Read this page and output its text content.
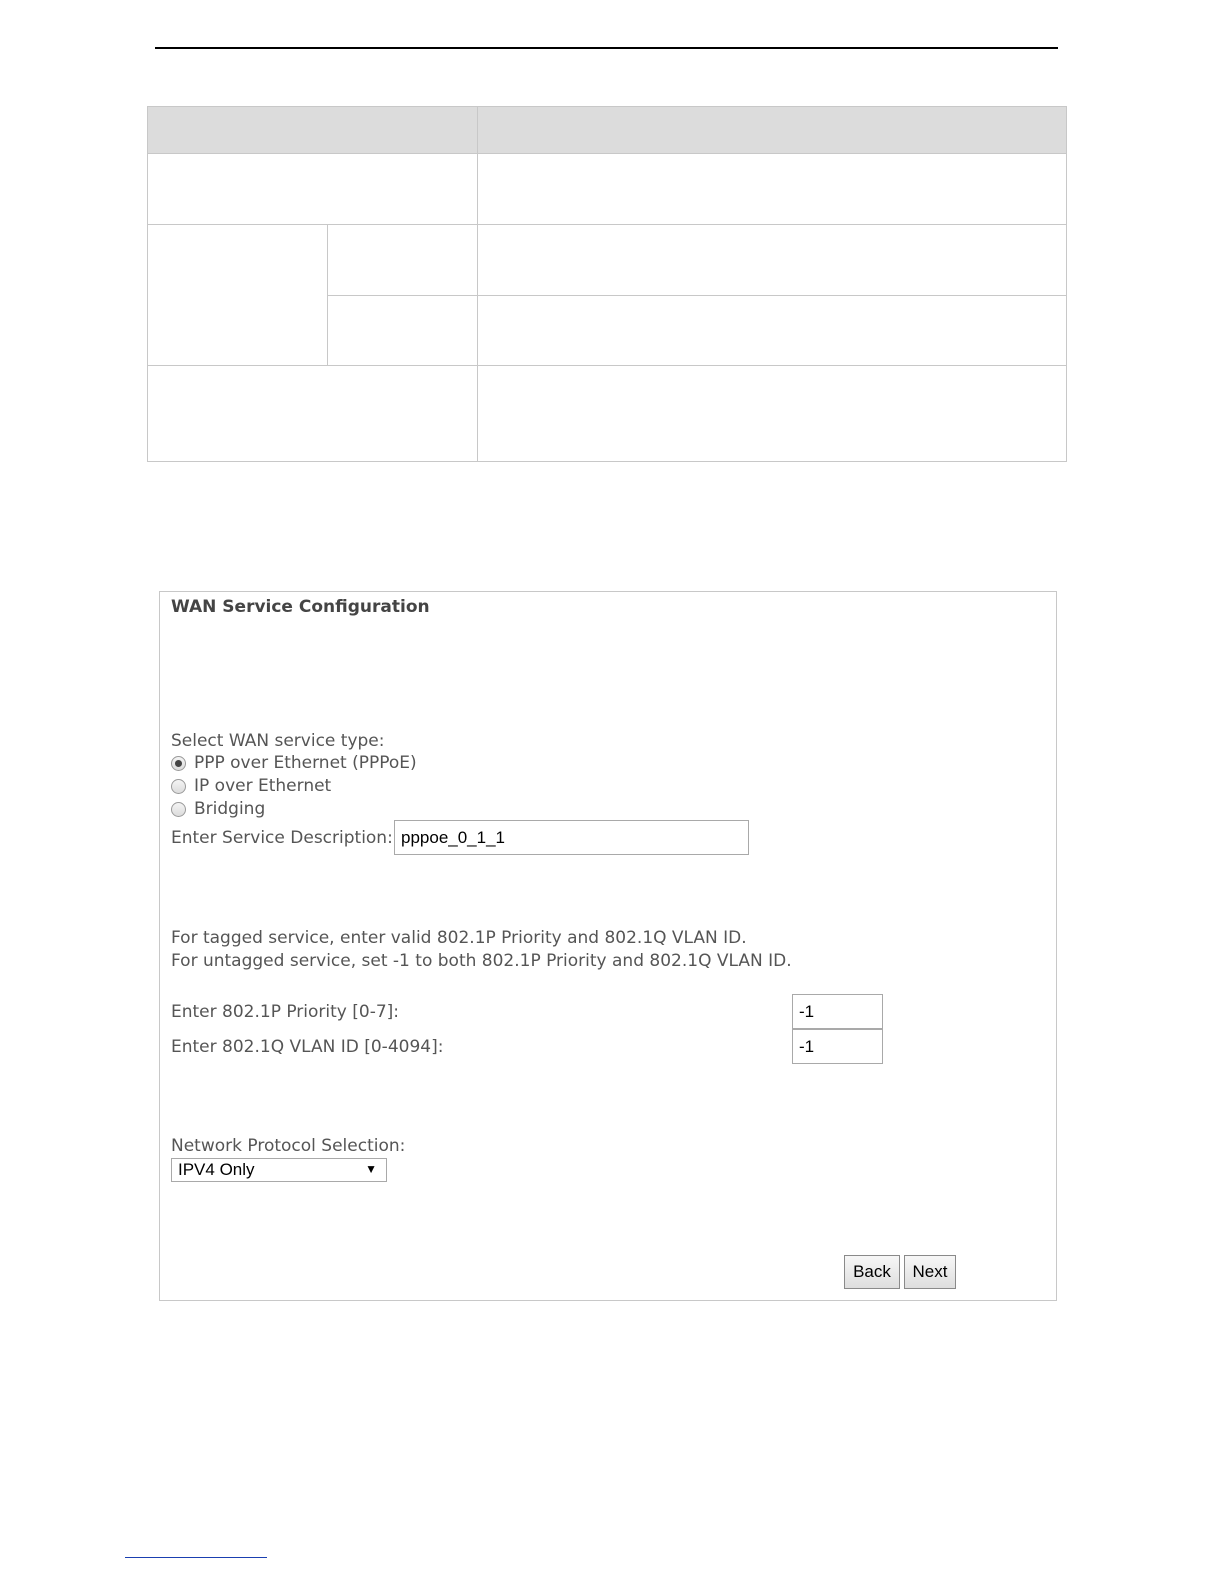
WAN Service Configuration
Select WAN service type:
PPP over Ethernet (PPPoE)
IP over Ethernet
Bridging
Enter Service Description: pppoe_0_1_1
For tagged service, enter valid 802.1P Priority and 802.1Q VLAN ID.
For untagged service, set -1 to both 802.1P Priority and 802.1Q VLAN ID.
Enter 802.1P Priority [0-7]:	-1
Enter 802.1Q VLAN ID [0-4094]:	-1
Network Protocol Selection:
IPV4 Only	▼
Back	Next
